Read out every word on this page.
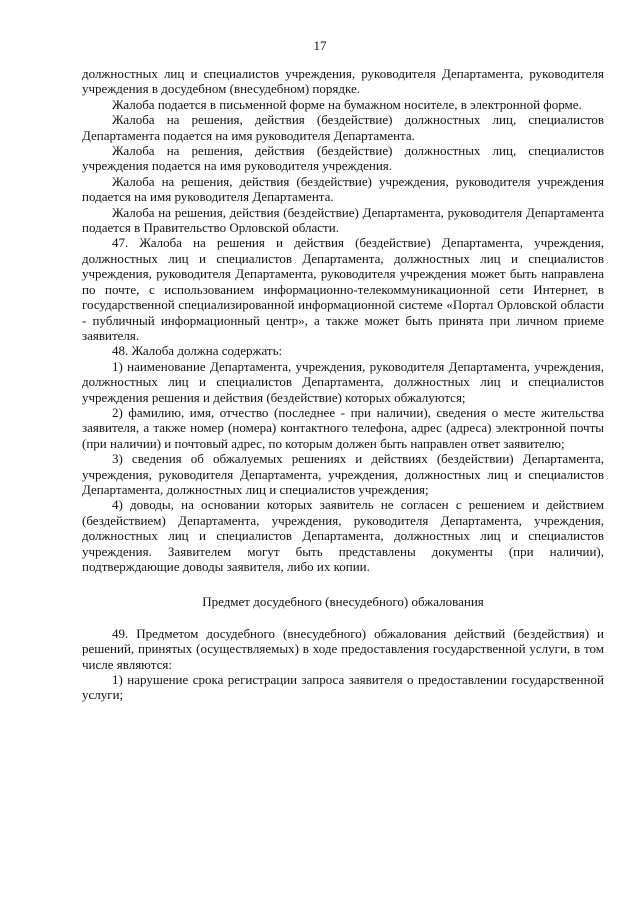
17

должностных лиц и специалистов учреждения, руководителя Департамента, руководителя учреждения в досудебном (внесудебном) порядке.

Жалоба подается в письменной форме на бумажном носителе, в электронной форме.

Жалоба на решения, действия (бездействие) должностных лиц, специалистов Департамента подается на имя руководителя Департамента.

Жалоба на решения, действия (бездействие) должностных лиц, специалистов учреждения подается на имя руководителя учреждения.

Жалоба на решения, действия (бездействие) учреждения, руководителя учреждения подается на имя руководителя Департамента.

Жалоба на решения, действия (бездействие) Департамента, руководителя Департамента подается в Правительство Орловской области.

47. Жалоба на решения и действия (бездействие) Департамента, учреждения, должностных лиц и специалистов Департамента, должностных лиц и специалистов учреждения, руководителя Департамента, руководителя учреждения может быть направлена по почте, с использованием информационно-телекоммуникационной сети Интернет, в государственной специализированной информационной системе «Портал Орловской области - публичный информационный центр», а также может быть принята при личном приеме заявителя.

48. Жалоба должна содержать:

1) наименование Департамента, учреждения, руководителя Департамента, учреждения, должностных лиц и специалистов Департамента, должностных лиц и специалистов учреждения решения и действия (бездействие) которых обжалуются;

2) фамилию, имя, отчество (последнее - при наличии), сведения о месте жительства заявителя, а также номер (номера) контактного телефона, адрес (адреса) электронной почты (при наличии) и почтовый адрес, по которым должен быть направлен ответ заявителю;

3) сведения об обжалуемых решениях и действиях (бездействии) Департамента, учреждения, руководителя Департамента, учреждения, должностных лиц и специалистов Департамента, должностных лиц и специалистов учреждения;

4) доводы, на основании которых заявитель не согласен с решением и действием (бездействием) Департамента, учреждения, руководителя Департамента, учреждения, должностных лиц и специалистов Департамента, должностных лиц и специалистов учреждения. Заявителем могут быть представлены документы (при наличии), подтверждающие доводы заявителя, либо их копии.

Предмет досудебного (внесудебного) обжалования

49. Предметом досудебного (внесудебного) обжалования действий (бездействия) и решений, принятых (осуществляемых) в ходе предоставления государственной услуги, в том числе являются:

1) нарушение срока регистрации запроса заявителя о предоставлении государственной услуги;
